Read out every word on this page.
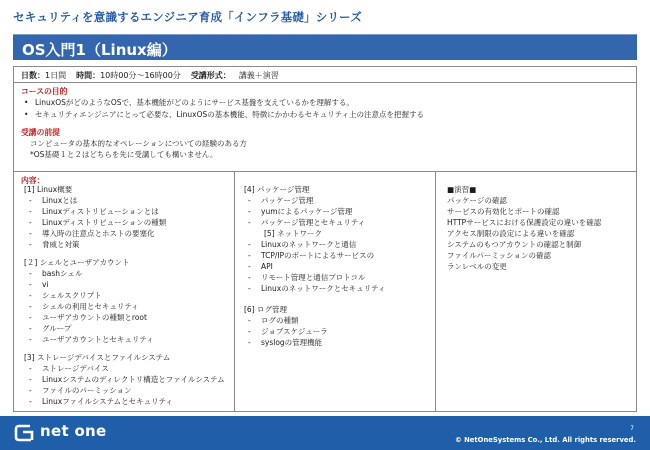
セキュリティを意識するエンジニア育成「インフラ基礎」シリーズ
OS入門1（Linux編）
日数：1日間 時間：10時00分～16時00分 受講形式： 講義＋演習
コースの目的
• LinuxOSがどのようなOSで、基本機能がどのようにサービス基盤を支えているかを理解する。
• セキュリティエンジニアにとって必要な、LinuxOSの基本機能、特徴にかかわるセキュリティ上の注意点を把握する
受講の前提
コンピュータの基本的なオペレーションについての経験のある方
*OS基礎１と２はどちらを先に受講しても構いません。
内容：
[1] Linux概要
- Linuxとは
- Linuxディストリビューションとは
- Linuxディストリビューションの種類
- 導入時の注意点とホストの要塞化
- 脅威と対策
[２] シェルとユーザアカウント
- bashシェル
- vi
- シェルスクリプト
- シェルの利用とセキュリティ
- ユーザアカウントの種類とroot
- グループ
- ユーザアカウントとセキュリティ
[3] ストレージデバイスとファイルシステム
- ストレージデバイス
- Linuxシステムのディレクトリ構造とファイルシステム
- ファイルのパーミッション
- Linuxファイルシステムとセキュリティ
[4] パッケージ管理
- パッケージ管理
- yumによるパッケージ管理
- パッケージ管理とセキュリティ
[5] ネットワーク
- Linuxのネットワークと通信
- TCP/IPのポートによるサービスの
- API
- リモート管理と通信プロトコル
- Linuxのネットワークとセキュリティ
[6] ログ管理
- ログの種類
- ジョブスケジューラ
- syslogの管理機能
■演習■
パッケージの確認
サービスの有効化とポートの確認
HTTPサービスにおける保護設定の違いを確認
アクセス制限の設定による違いを確認
システムのもつアカウントの確認と制御
ファイルパーミッションの確認
ランレベルの変更
net one	7
© NetOneSystems Co., Ltd. All rights reserved.
